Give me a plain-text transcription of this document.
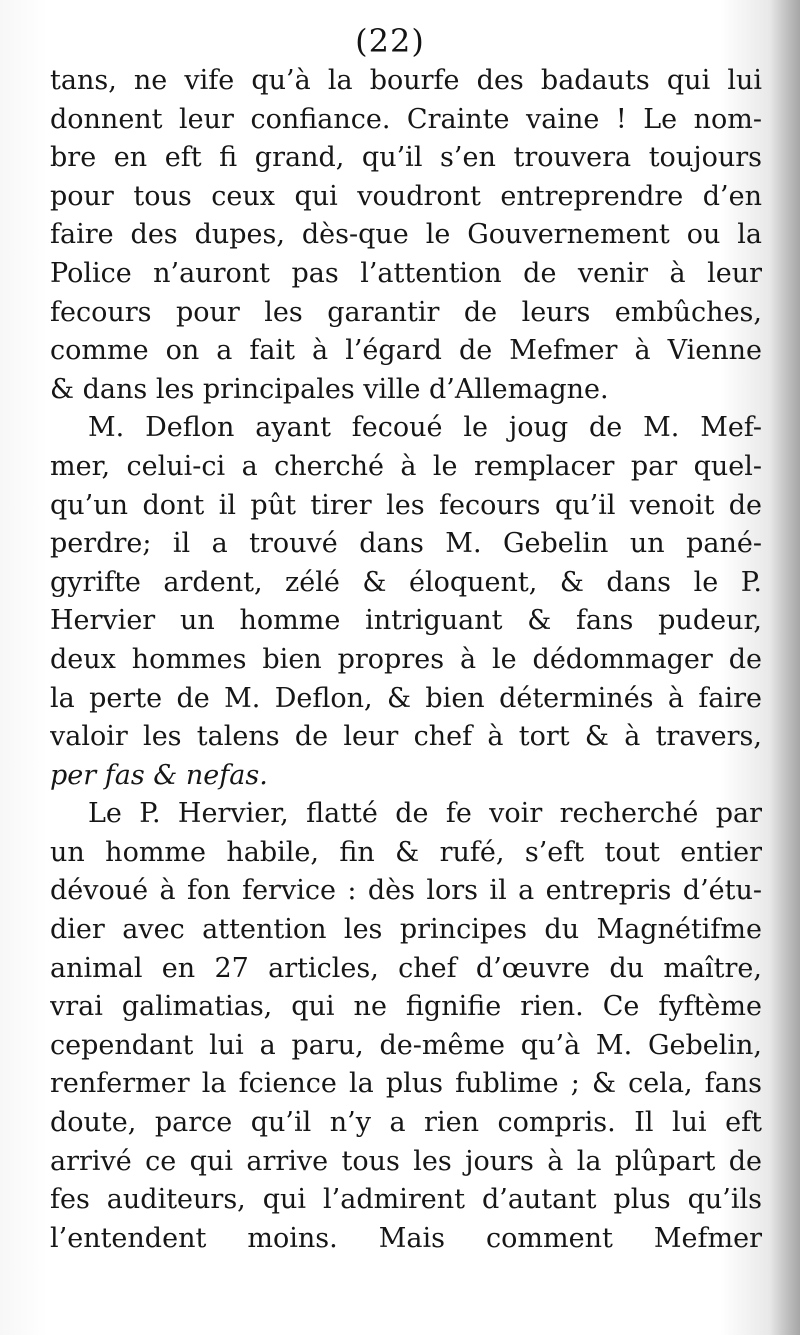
(22)
tans, ne vife qu’à la bourfe des badauts qui lui
donnent leur confiance. Crainte vaine ! Le nom-
bre en eft fi grand, qu’il s’en trouvera toujours
pour tous ceux qui voudront entreprendre d’en
faire des dupes, dès-que le Gouvernement ou la
Police n’auront pas l’attention de venir à leur
fecours pour les garantir de leurs embûches,
comme on a fait à l’égard de Mefmer à Vienne
& dans les principales ville d’Allemagne.
M. Deflon ayant fecoué le joug de M. Mef-
mer, celui-ci a cherché à le remplacer par quel-
qu’un dont il pût tirer les fecours qu’il venoit de
perdre; il a trouvé dans M. Gebelin un pané-
gyrifte ardent, zélé & éloquent, & dans le P.
Hervier un homme intriguant & fans pudeur,
deux hommes bien propres à le dédommager de
la perte de M. Deflon, & bien déterminés à faire
valoir les talens de leur chef à tort & à travers,
per fas & nefas.
Le P. Hervier, flatté de fe voir recherché par
un homme habile, fin & rufé, s’eft tout entier
dévoué à fon fervice : dès lors il a entrepris d’étu-
dier avec attention les principes du Magnétifme
animal en 27 articles, chef d’œuvre du maître,
vrai galimatias, qui ne fignifie rien. Ce fyftème
cependant lui a paru, de-même qu’à M. Gebelin,
renfermer la fcience la plus fublime ; & cela, fans
doute, parce qu’il n’y a rien compris. Il lui eft
arrivé ce qui arrive tous les jours à la plûpart de
fes auditeurs, qui l’admirent d’autant plus qu’ils
l’entendent moins. Mais comment Mefmer
